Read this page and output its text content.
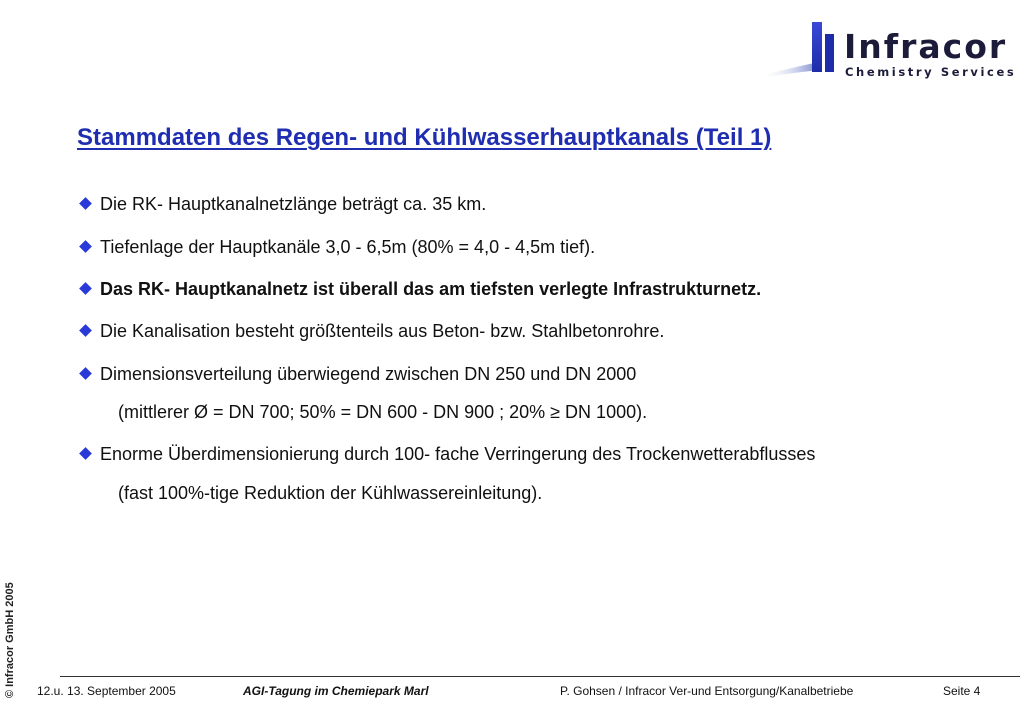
Infracor
Chemistry Services
Stammdaten des Regen- und Kühlwasserhauptkanals (Teil 1)
Die RK- Hauptkanalnetzlänge beträgt ca. 35 km.
Tiefenlage der Hauptkanäle 3,0 - 6,5m (80% = 4,0 - 4,5m tief).
Das RK- Hauptkanalnetz ist überall das am tiefsten verlegte Infrastrukturnetz.
Die Kanalisation besteht größtenteils aus Beton- bzw. Stahlbetonrohre.
Dimensionsverteilung überwiegend zwischen DN 250 und DN 2000
(mittlerer Ø = DN 700; 50% = DN 600 - DN 900 ; 20% ≥ DN 1000).
Enorme Überdimensionierung durch 100- fache Verringerung des Trockenwetterabflusses
(fast 100%-tige Reduktion der Kühlwassereinleitung).
© Infracor GmbH 2005 12.u. 13. September 2005	AGI-Tagung im Chemiepark Marl	P. Gohsen / Infracor Ver-und Entsorgung/Kanalbetriebe	Seite 4
